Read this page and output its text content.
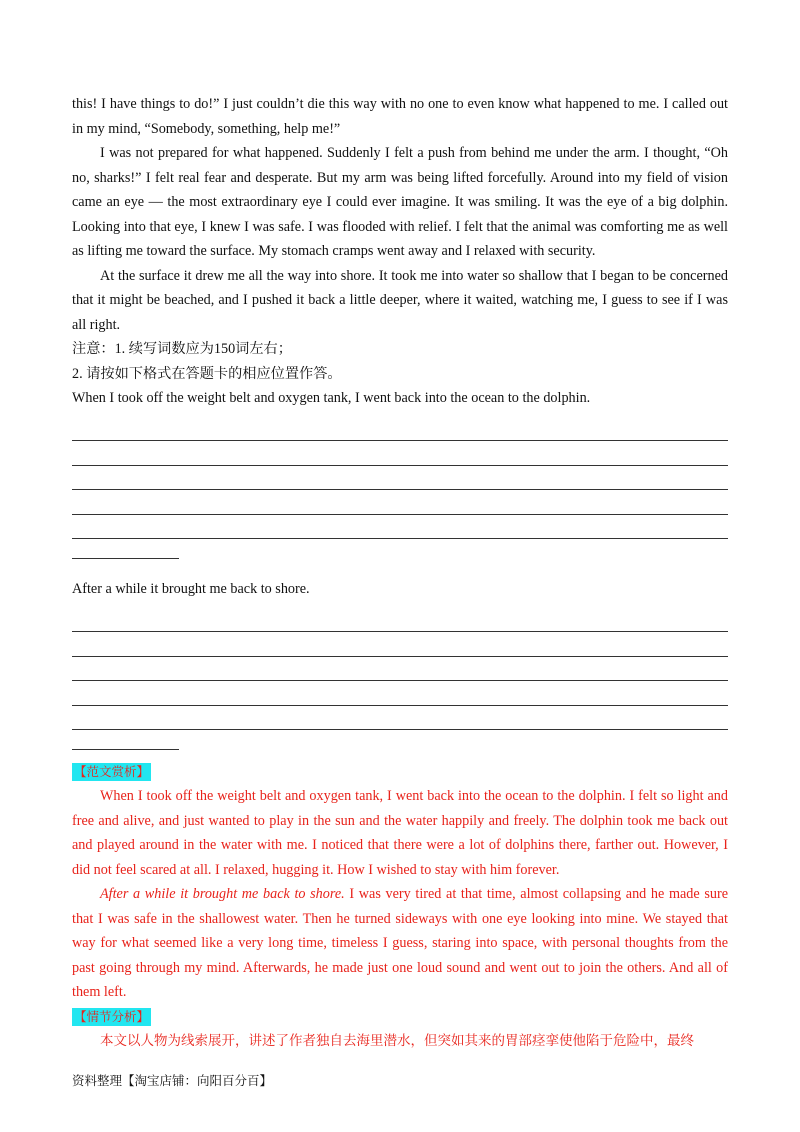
this! I have things to do!” I just couldn’t die this way with no one to even know what happened to me. I called out in my mind, “Somebody, something, help me!”

I was not prepared for what happened. Suddenly I felt a push from behind me under the arm. I thought, “Oh no, sharks!” I felt real fear and desperate. But my arm was being lifted forcefully. Around into my field of vision came an eye — the most extraordinary eye I could ever imagine. It was smiling. It was the eye of a big dolphin. Looking into that eye, I knew I was safe. I was flooded with relief. I felt that the animal was comforting me as well as lifting me toward the surface. My stomach cramps went away and I relaxed with security.

At the surface it drew me all the way into shore. It took me into water so shallow that I began to be concerned that it might be beached, and I pushed it back a little deeper, where it waited, watching me, I guess to see if I was all right.

注意：1. 续写词数应为150词左右；

2. 请按如下格式在答题卡的相应位置作答。

When I took off the weight belt and oxygen tank, I went back into the ocean to the dolphin.

After a while it brought me back to shore.

【范文赏析】

When I took off the weight belt and oxygen tank, I went back into the ocean to the dolphin. I felt so light and free and alive, and just wanted to play in the sun and the water happily and freely. The dolphin took me back out and played around in the water with me. I noticed that there were a lot of dolphins there, farther out. However, I did not feel scared at all. I relaxed, hugging it. How I wished to stay with him forever.

After a while it brought me back to shore. I was very tired at that time, almost collapsing and he made sure that I was safe in the shallowest water. Then he turned sideways with one eye looking into mine. We stayed that way for what seemed like a very long time, timeless I guess, staring into space, with personal thoughts from the past going through my mind. Afterwards, he made just one loud sound and went out to join the others. And all of them left.

【情节分析】

本文以人物为线索展开，讲述了作者独自去海里潜水，但突如其来的胃部痉挛使他陷于危险中，最终

资料整理【淘宝店铺：向阳百分百】
